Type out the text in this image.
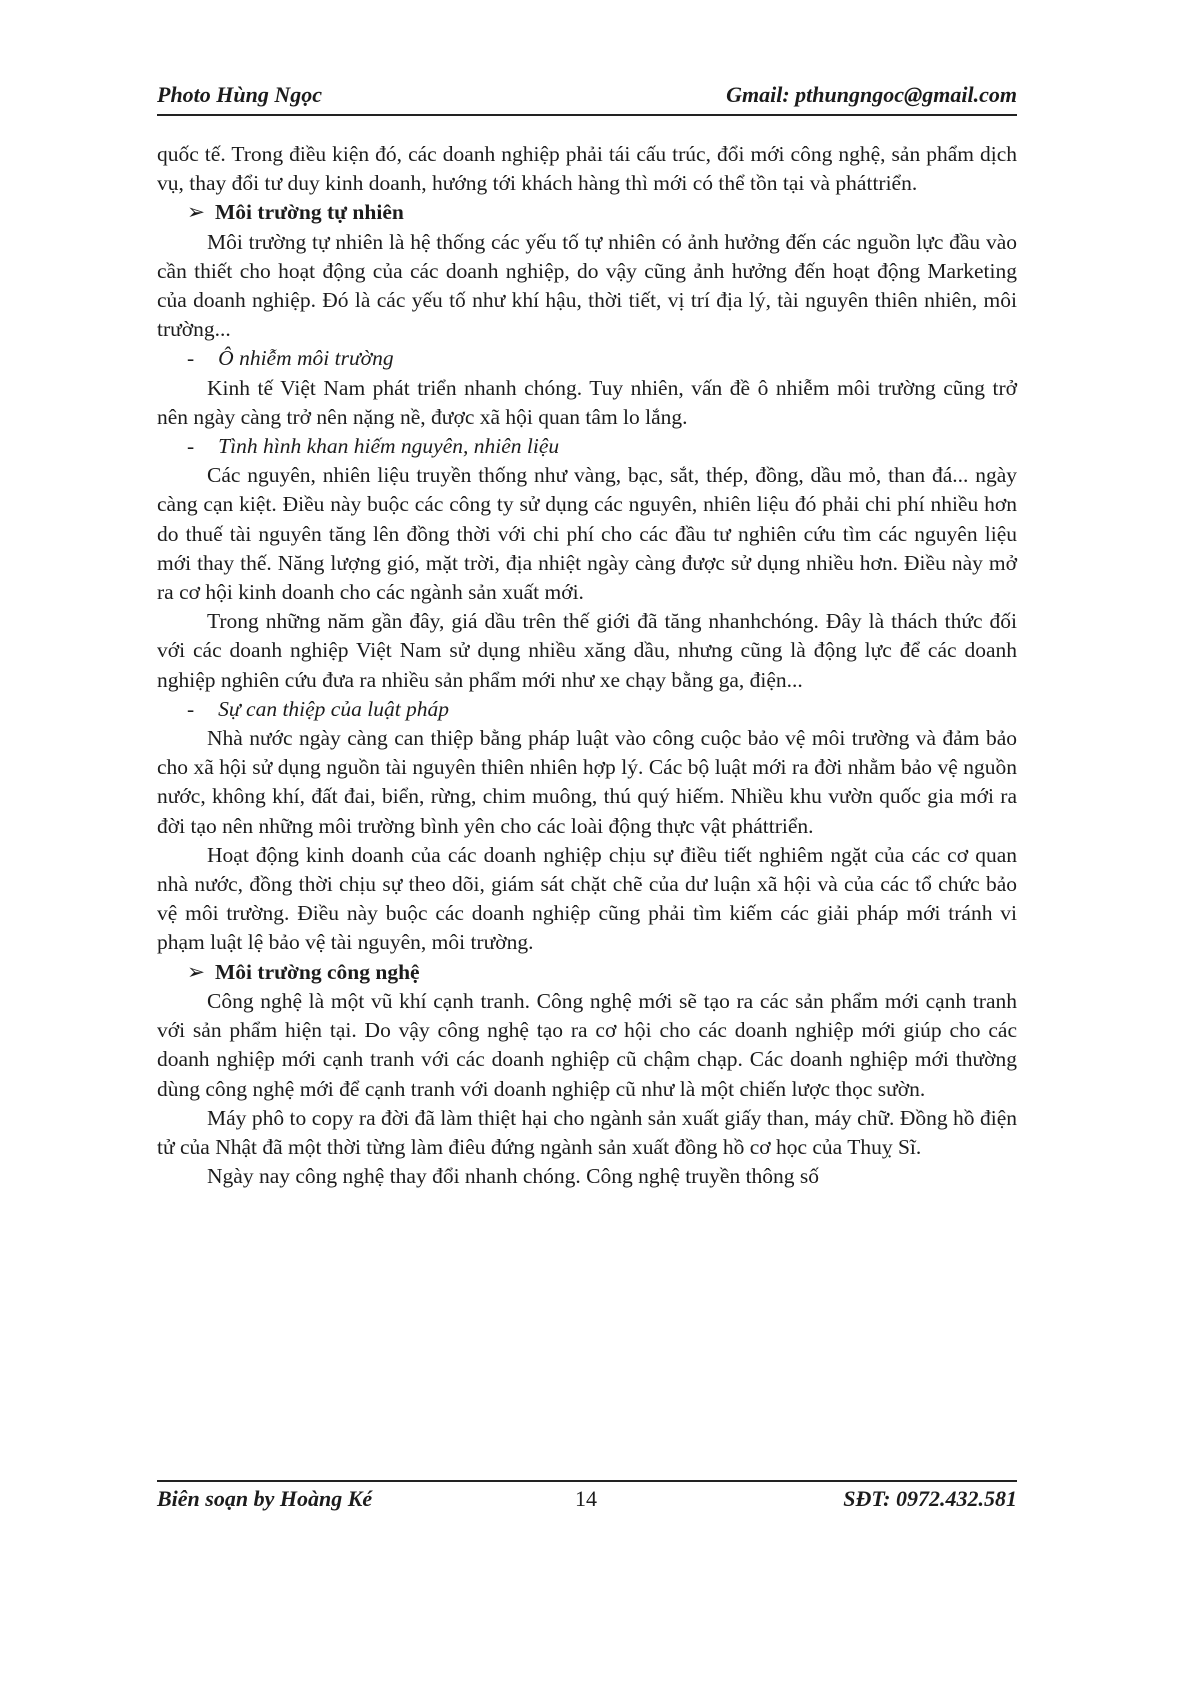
Photo Hùng Ngọc	Gmail: pthungngoc@gmail.com

quốc tế. Trong điều kiện đó, các doanh nghiệp phải tái cấu trúc, đổi mới công nghệ, sản phẩm dịch vụ, thay đổi tư duy kinh doanh, hướng tới khách hàng thì mới có thể tồn tại và pháttriển.

➢ Môi trường tự nhiên

Môi trường tự nhiên là hệ thống các yếu tố tự nhiên có ảnh hưởng đến các nguồn lực đầu vào cần thiết cho hoạt động của các doanh nghiệp, do vậy cũng ảnh hưởng đến hoạt động Marketing của doanh nghiệp. Đó là các yếu tố như khí hậu, thời tiết, vị trí địa lý, tài nguyên thiên nhiên, môi trường...

- Ô nhiễm môi trường

Kinh tế Việt Nam phát triển nhanh chóng. Tuy nhiên, vấn đề ô nhiễm môi trường cũng trở nên ngày càng trở nên nặng nề, được xã hội quan tâm lo lắng.

- Tình hình khan hiếm nguyên, nhiên liệu

Các nguyên, nhiên liệu truyền thống như vàng, bạc, sắt, thép, đồng, dầu mỏ, than đá... ngày càng cạn kiệt. Điều này buộc các công ty sử dụng các nguyên, nhiên liệu đó phải chi phí nhiều hơn do thuế tài nguyên tăng lên đồng thời với chi phí cho các đầu tư nghiên cứu tìm các nguyên liệu mới thay thế. Năng lượng gió, mặt trời, địa nhiệt ngày càng được sử dụng nhiều hơn. Điều này mở ra cơ hội kinh doanh cho các ngành sản xuất mới.

Trong những năm gần đây, giá dầu trên thế giới đã tăng nhanhchóng. Đây là thách thức đối với các doanh nghiệp Việt Nam sử dụng nhiều xăng dầu, nhưng cũng là động lực để các doanh nghiệp nghiên cứu đưa ra nhiều sản phẩm mới như xe chạy bằng ga, điện...

- Sự can thiệp của luật pháp

Nhà nước ngày càng can thiệp bằng pháp luật vào công cuộc bảo vệ môi trường và đảm bảo cho xã hội sử dụng nguồn tài nguyên thiên nhiên hợp lý. Các bộ luật mới ra đời nhằm bảo vệ nguồn nước, không khí, đất đai, biển, rừng, chim muông, thú quý hiếm. Nhiều khu vườn quốc gia mới ra đời tạo nên những môi trường bình yên cho các loài động thực vật pháttriển.

Hoạt động kinh doanh của các doanh nghiệp chịu sự điều tiết nghiêm ngặt của các cơ quan nhà nước, đồng thời chịu sự theo dõi, giám sát chặt chẽ của dư luận xã hội và của các tổ chức bảo vệ môi trường. Điều này buộc các doanh nghiệp cũng phải tìm kiếm các giải pháp mới tránh vi phạm luật lệ bảo vệ tài nguyên, môi trường.

➢ Môi trường công nghệ

Công nghệ là một vũ khí cạnh tranh. Công nghệ mới sẽ tạo ra các sản phẩm mới cạnh tranh với sản phẩm hiện tại. Do vậy công nghệ tạo ra cơ hội cho các doanh nghiệp mới giúp cho các doanh nghiệp mới cạnh tranh với các doanh nghiệp cũ chậm chạp. Các doanh nghiệp mới thường dùng công nghệ mới để cạnh tranh với doanh nghiệp cũ như là một chiến lược thọc sườn.

Máy phô to copy ra đời đã làm thiệt hại cho ngành sản xuất giấy than, máy chữ. Đồng hồ điện tử của Nhật đã một thời từng làm điêu đứng ngành sản xuất đồng hồ cơ học của Thuỵ Sĩ.

Ngày nay công nghệ thay đổi nhanh chóng. Công nghệ truyền thông số

Biên soạn by Hoàng Ké	14	SĐT: 0972.432.581
